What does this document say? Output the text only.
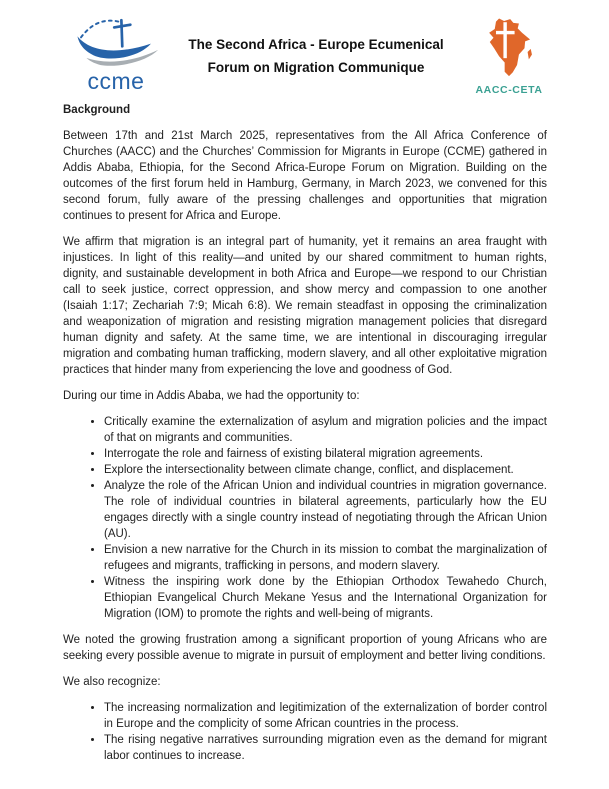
ccme
The Second Africa - Europe Ecumenical
Forum on Migration Communique
AACC-CETA
Background

Between 17th and 21st March 2025, representatives from the All Africa Conference of Churches (AACC) and the Churches’ Commission for Migrants in Europe (CCME) gathered in Addis Ababa, Ethiopia, for the Second Africa-Europe Forum on Migration. Building on the outcomes of the first forum held in Hamburg, Germany, in March 2023, we convened for this second forum, fully aware of the pressing challenges and opportunities that migration continues to present for Africa and Europe.

We affirm that migration is an integral part of humanity, yet it remains an area fraught with injustices. In light of this reality—and united by our shared commitment to human rights, dignity, and sustainable development in both Africa and Europe—we respond to our Christian call to seek justice, correct oppression, and show mercy and compassion to one another (Isaiah 1:17; Zechariah 7:9; Micah 6:8). We remain steadfast in opposing the criminalization and weaponization of migration and resisting migration management policies that disregard human dignity and safety. At the same time, we are intentional in discouraging irregular migration and combating human trafficking, modern slavery, and all other exploitative migration practices that hinder many from experiencing the love and goodness of God.

During our time in Addis Ababa, we had the opportunity to:

• Critically examine the externalization of asylum and migration policies and the impact of that on migrants and communities.
• Interrogate the role and fairness of existing bilateral migration agreements.
• Explore the intersectionality between climate change, conflict, and displacement.
• Analyze the role of the African Union and individual countries in migration governance. The role of individual countries in bilateral agreements, particularly how the EU engages directly with a single country instead of negotiating through the African Union (AU).
• Envision a new narrative for the Church in its mission to combat the marginalization of refugees and migrants, trafficking in persons, and modern slavery.
• Witness the inspiring work done by the Ethiopian Orthodox Tewahedo Church, Ethiopian Evangelical Church Mekane Yesus and the International Organization for Migration (IOM) to promote the rights and well-being of migrants.

We noted the growing frustration among a significant proportion of young Africans who are seeking every possible avenue to migrate in pursuit of employment and better living conditions.

We also recognize:

• The increasing normalization and legitimization of the externalization of border control in Europe and the complicity of some African countries in the process.
• The rising negative narratives surrounding migration even as the demand for migrant labor continues to increase.
